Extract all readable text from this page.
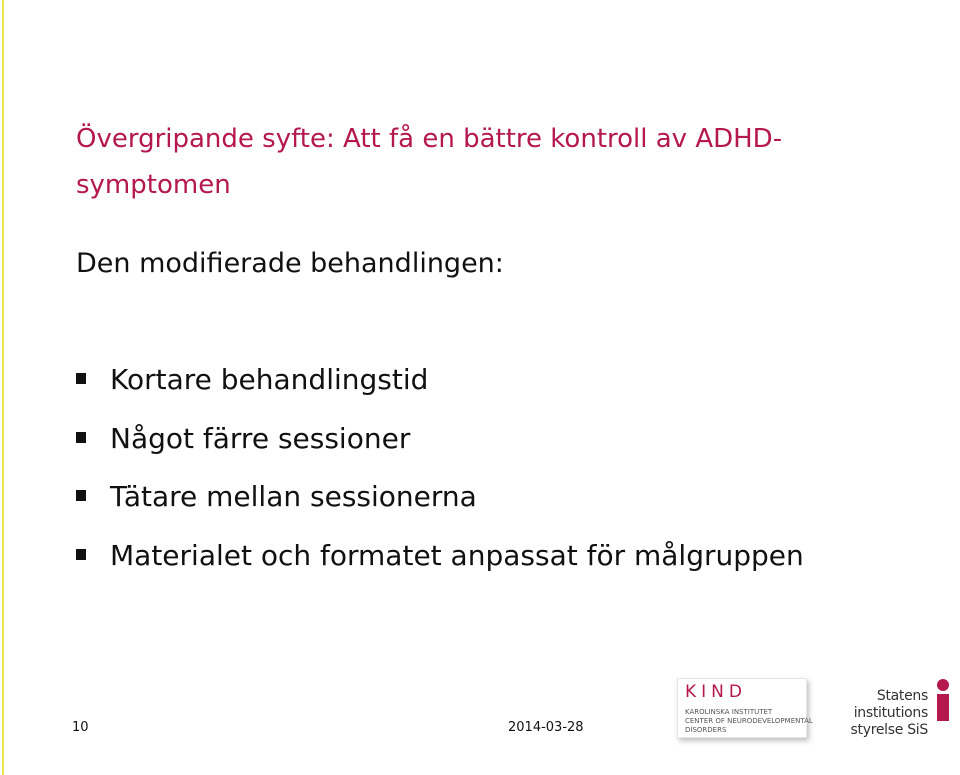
Övergripande syfte: Att få en bättre kontroll av ADHD-symptomen
Den modifierade behandlingen:
Kortare behandlingstid
Något färre sessioner
Tätare mellan sessionerna
Materialet och formatet anpassat för målgruppen
10	2014-03-28
KIND
KAROLINSKA INSTITUTET
CENTER OF NEURODEVELOPMENTAL
DISORDERS
Statens
institutions
styrelse SiS
